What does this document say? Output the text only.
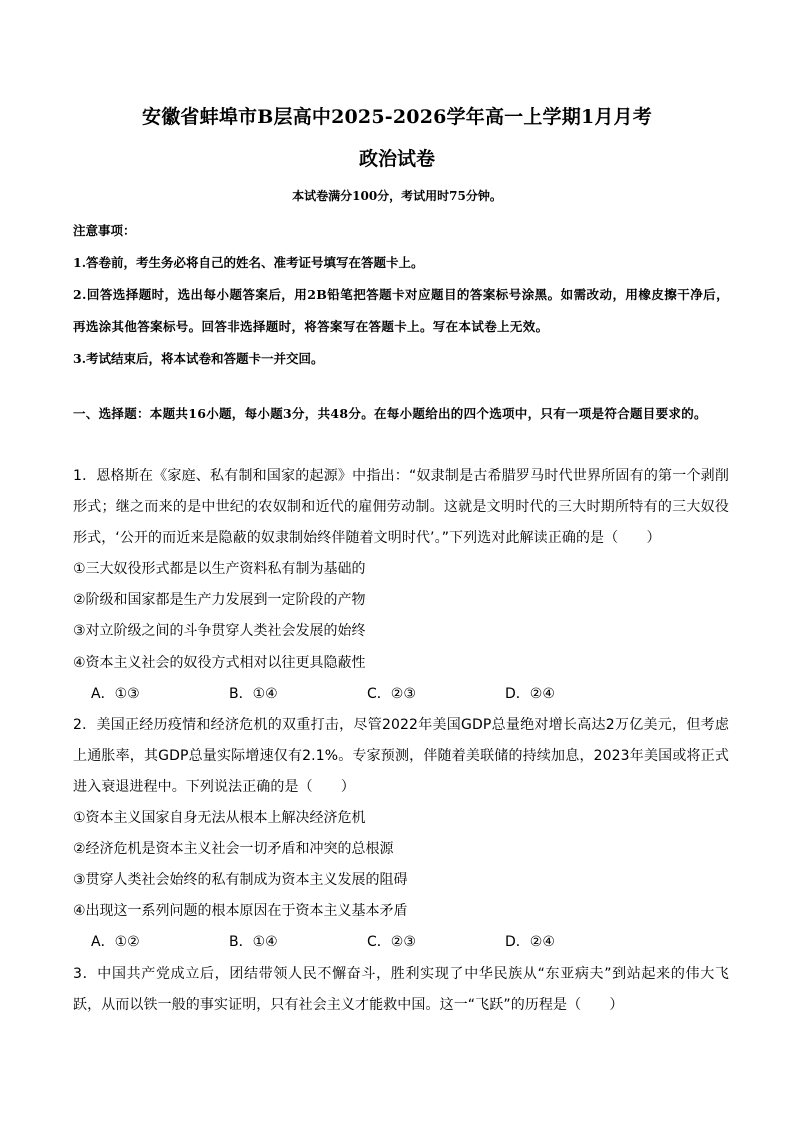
安徽省蚌埠市B层高中2025-2026学年高一上学期1月月考
政治试卷
本试卷满分100分，考试用时75分钟。

注意事项：

1.答卷前，考生务必将自己的姓名、准考证号填写在答题卡上。

2.回答选择题时，选出每小题答案后，用2B铅笔把答题卡对应题目的答案标号涂黑。如需改动，用橡皮擦干净后，再选涂其他答案标号。回答非选择题时，将答案写在答题卡上。写在本试卷上无效。

3.考试结束后，将本试卷和答题卡一并交回。

一、选择题：本题共16小题，每小题3分，共48分。在每小题给出的四个选项中，只有一项是符合题目要求的。

1．恩格斯在《家庭、私有制和国家的起源》中指出：“奴隶制是古希腊罗马时代世界所固有的第一个剥削形式；继之而来的是中世纪的农奴制和近代的雇佣劳动制。这就是文明时代的三大时期所特有的三大奴役形式，‘公开的而近来是隐蔽的奴隶制始终伴随着文明时代’。”下列选对此解读正确的是（　　）

①三大奴役形式都是以生产资料私有制为基础的

②阶级和国家都是生产力发展到一定阶段的产物

③对立阶级之间的斗争贯穿人类社会发展的始终

④资本主义社会的奴役方式相对以往更具隐蔽性

A．①③	B．①④	C．②③	D．②④

2．美国正经历疫情和经济危机的双重打击，尽管2022年美国GDP总量绝对增长高达2万亿美元，但考虑上通胀率，其GDP总量实际增速仅有2.1%。专家预测，伴随着美联储的持续加息，2023年美国或将正式进入衰退进程中。下列说法正确的是（　　）

①资本主义国家自身无法从根本上解决经济危机

②经济危机是资本主义社会一切矛盾和冲突的总根源

③贯穿人类社会始终的私有制成为资本主义发展的阻碍

④出现这一系列问题的根本原因在于资本主义基本矛盾

A．①②	B．①④	C．②③	D．②④

3．中国共产党成立后，团结带领人民不懈奋斗，胜利实现了中华民族从“东亚病夫”到站起来的伟大飞跃，从而以铁一般的事实证明，只有社会主义才能救中国。这一“飞跃”的历程是（　　）
